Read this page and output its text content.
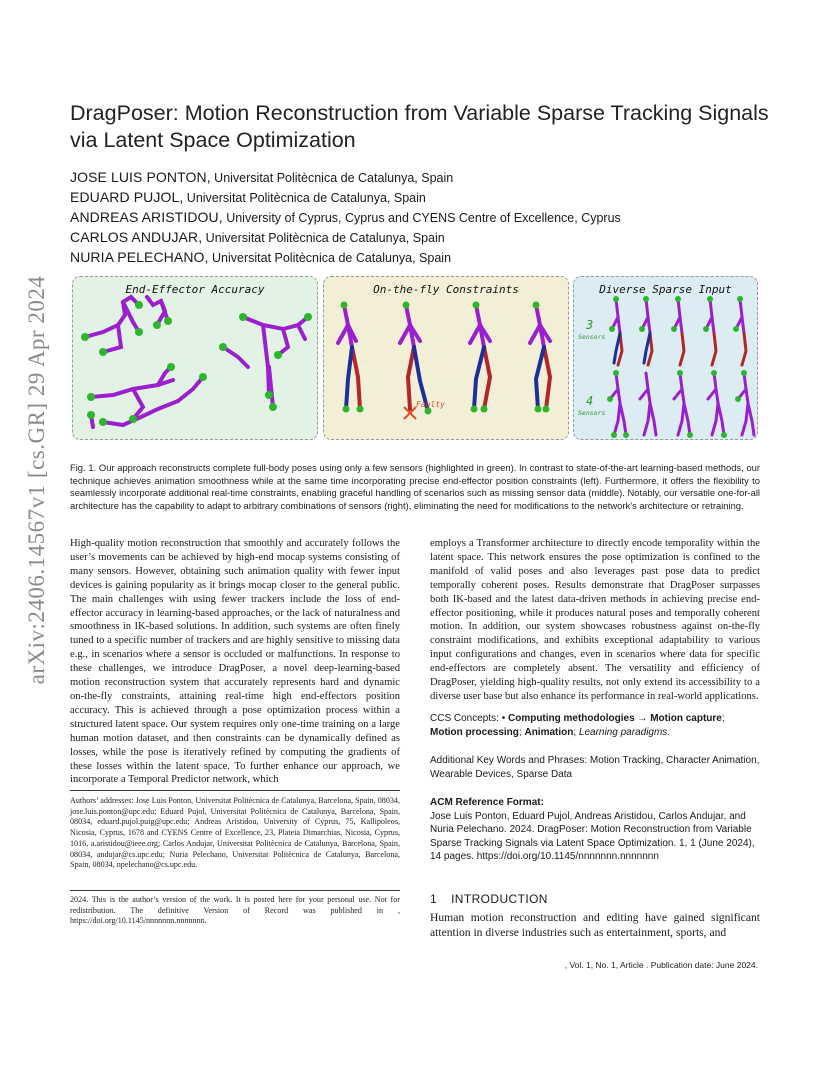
arXiv:2406.14567v1 [cs.GR] 29 Apr 2024
DragPoser: Motion Reconstruction from Variable Sparse Tracking Signals via Latent Space Optimization
JOSE LUIS PONTON, Universitat Politècnica de Catalunya, Spain
EDUARD PUJOL, Universitat Politècnica de Catalunya, Spain
ANDREAS ARISTIDOU, University of Cyprus, Cyprus and CYENS Centre of Excellence, Cyprus
CARLOS ANDUJAR, Universitat Politècnica de Catalunya, Spain
NURIA PELECHANO, Universitat Politècnica de Catalunya, Spain
End-Effector Accuracy	On-the-fly Constraints
Faulty
Diverse Sparse Input
3
Sensors
4
Sensors
Fig. 1. Our approach reconstructs complete full-body poses using only a few sensors (highlighted in green). In contrast to state-of-the-art learning-based methods, our technique achieves animation smoothness while at the same time incorporating precise end-effector position constraints (left). Furthermore, it offers the flexibility to seamlessly incorporate additional real-time constraints, enabling graceful handling of scenarios such as missing sensor data (middle). Notably, our versatile one-for-all architecture has the capability to adapt to arbitrary combinations of sensors (right), eliminating the need for modifications to the network’s architecture or retraining.
High-quality motion reconstruction that smoothly and accurately follows the user’s movements can be achieved by high-end mocap systems consisting of many sensors. However, obtaining such animation quality with fewer input devices is gaining popularity as it brings mocap closer to the general public. The main challenges with using fewer trackers include the loss of end-effector accuracy in learning-based approaches, or the lack of naturalness and smoothness in IK-based solutions. In addition, such systems are often finely tuned to a specific number of trackers and are highly sensitive to missing data e.g., in scenarios where a sensor is occluded or malfunctions. In response to these challenges, we introduce DragPoser, a novel deep-learning-based motion reconstruction system that accurately represents hard and dynamic on-the-fly constraints, attaining real-time high end-effectors position accuracy. This is achieved through a pose optimization process within a structured latent space. Our system requires only one-time training on a large human motion dataset, and then constraints can be dynamically defined as losses, while the pose is iteratively refined by computing the gradients of these losses within the latent space. To further enhance our approach, we incorporate a Temporal Predictor network, which
employs a Transformer architecture to directly encode temporality within the latent space. This network ensures the pose optimization is confined to the manifold of valid poses and also leverages past pose data to predict temporally coherent poses. Results demonstrate that DragPoser surpasses both IK-based and the latest data-driven methods in achieving precise end-effector positioning, while it produces natural poses and temporally coherent motion. In addition, our system showcases robustness against on-the-fly constraint modifications, and exhibits exceptional adaptability to various input configurations and changes, even in scenarios where data for specific end-effectors are completely absent. The versatility and efficiency of DragPoser, yielding high-quality results, not only extend its accessibility to a diverse user base but also enhance its performance in real-world applications.
CCS Concepts: • Computing methodologies → Motion capture; Motion processing; Animation; Learning paradigms.
Additional Key Words and Phrases: Motion Tracking, Character Animation, Wearable Devices, Sparse Data
ACM Reference Format:
Jose Luis Ponton, Eduard Pujol, Andreas Aristidou, Carlos Andujar, and Nuria Pelechano. 2024. DragPoser: Motion Reconstruction from Variable Sparse Tracking Signals via Latent Space Optimization. 1, 1 (June 2024), 14 pages. https://doi.org/10.1145/nnnnnnn.nnnnnnn
Authors’ addresses: Jose Luis Ponton, Universitat Politècnica de Catalunya, Barcelona, Spain, 08034, jose.luis.ponton@upc.edu; Eduard Pujol, Universitat Politècnica de Catalunya, Barcelona, Spain, 08034, eduard.pujol.puig@upc.edu; Andreas Aristidou, University of Cyprus, 75, Kallipoleos, Nicosia, Cyprus, 1678 and CYENS Centre of Excellence, 23, Plateia Dimarchias, Nicosia, Cyprus, 1016, a.aristidou@ieee.org; Carlos Andujar, Universitat Politècnica de Catalunya, Barcelona, Spain, 08034, andujar@cs.upc.edu; Nuria Pelechano, Universitat Politècnica de Catalunya, Barcelona, Spain, 08034, npelechano@cs.upc.edu.
2024. This is the author’s version of the work. It is posted here for your personal use. Not for redistribution. The definitive Version of Record was published in , https://doi.org/10.1145/nnnnnnn.nnnnnnn.
1 INTRODUCTION
Human motion reconstruction and editing have gained significant attention in diverse industries such as entertainment, sports, and
, Vol. 1, No. 1, Article . Publication date: June 2024.
